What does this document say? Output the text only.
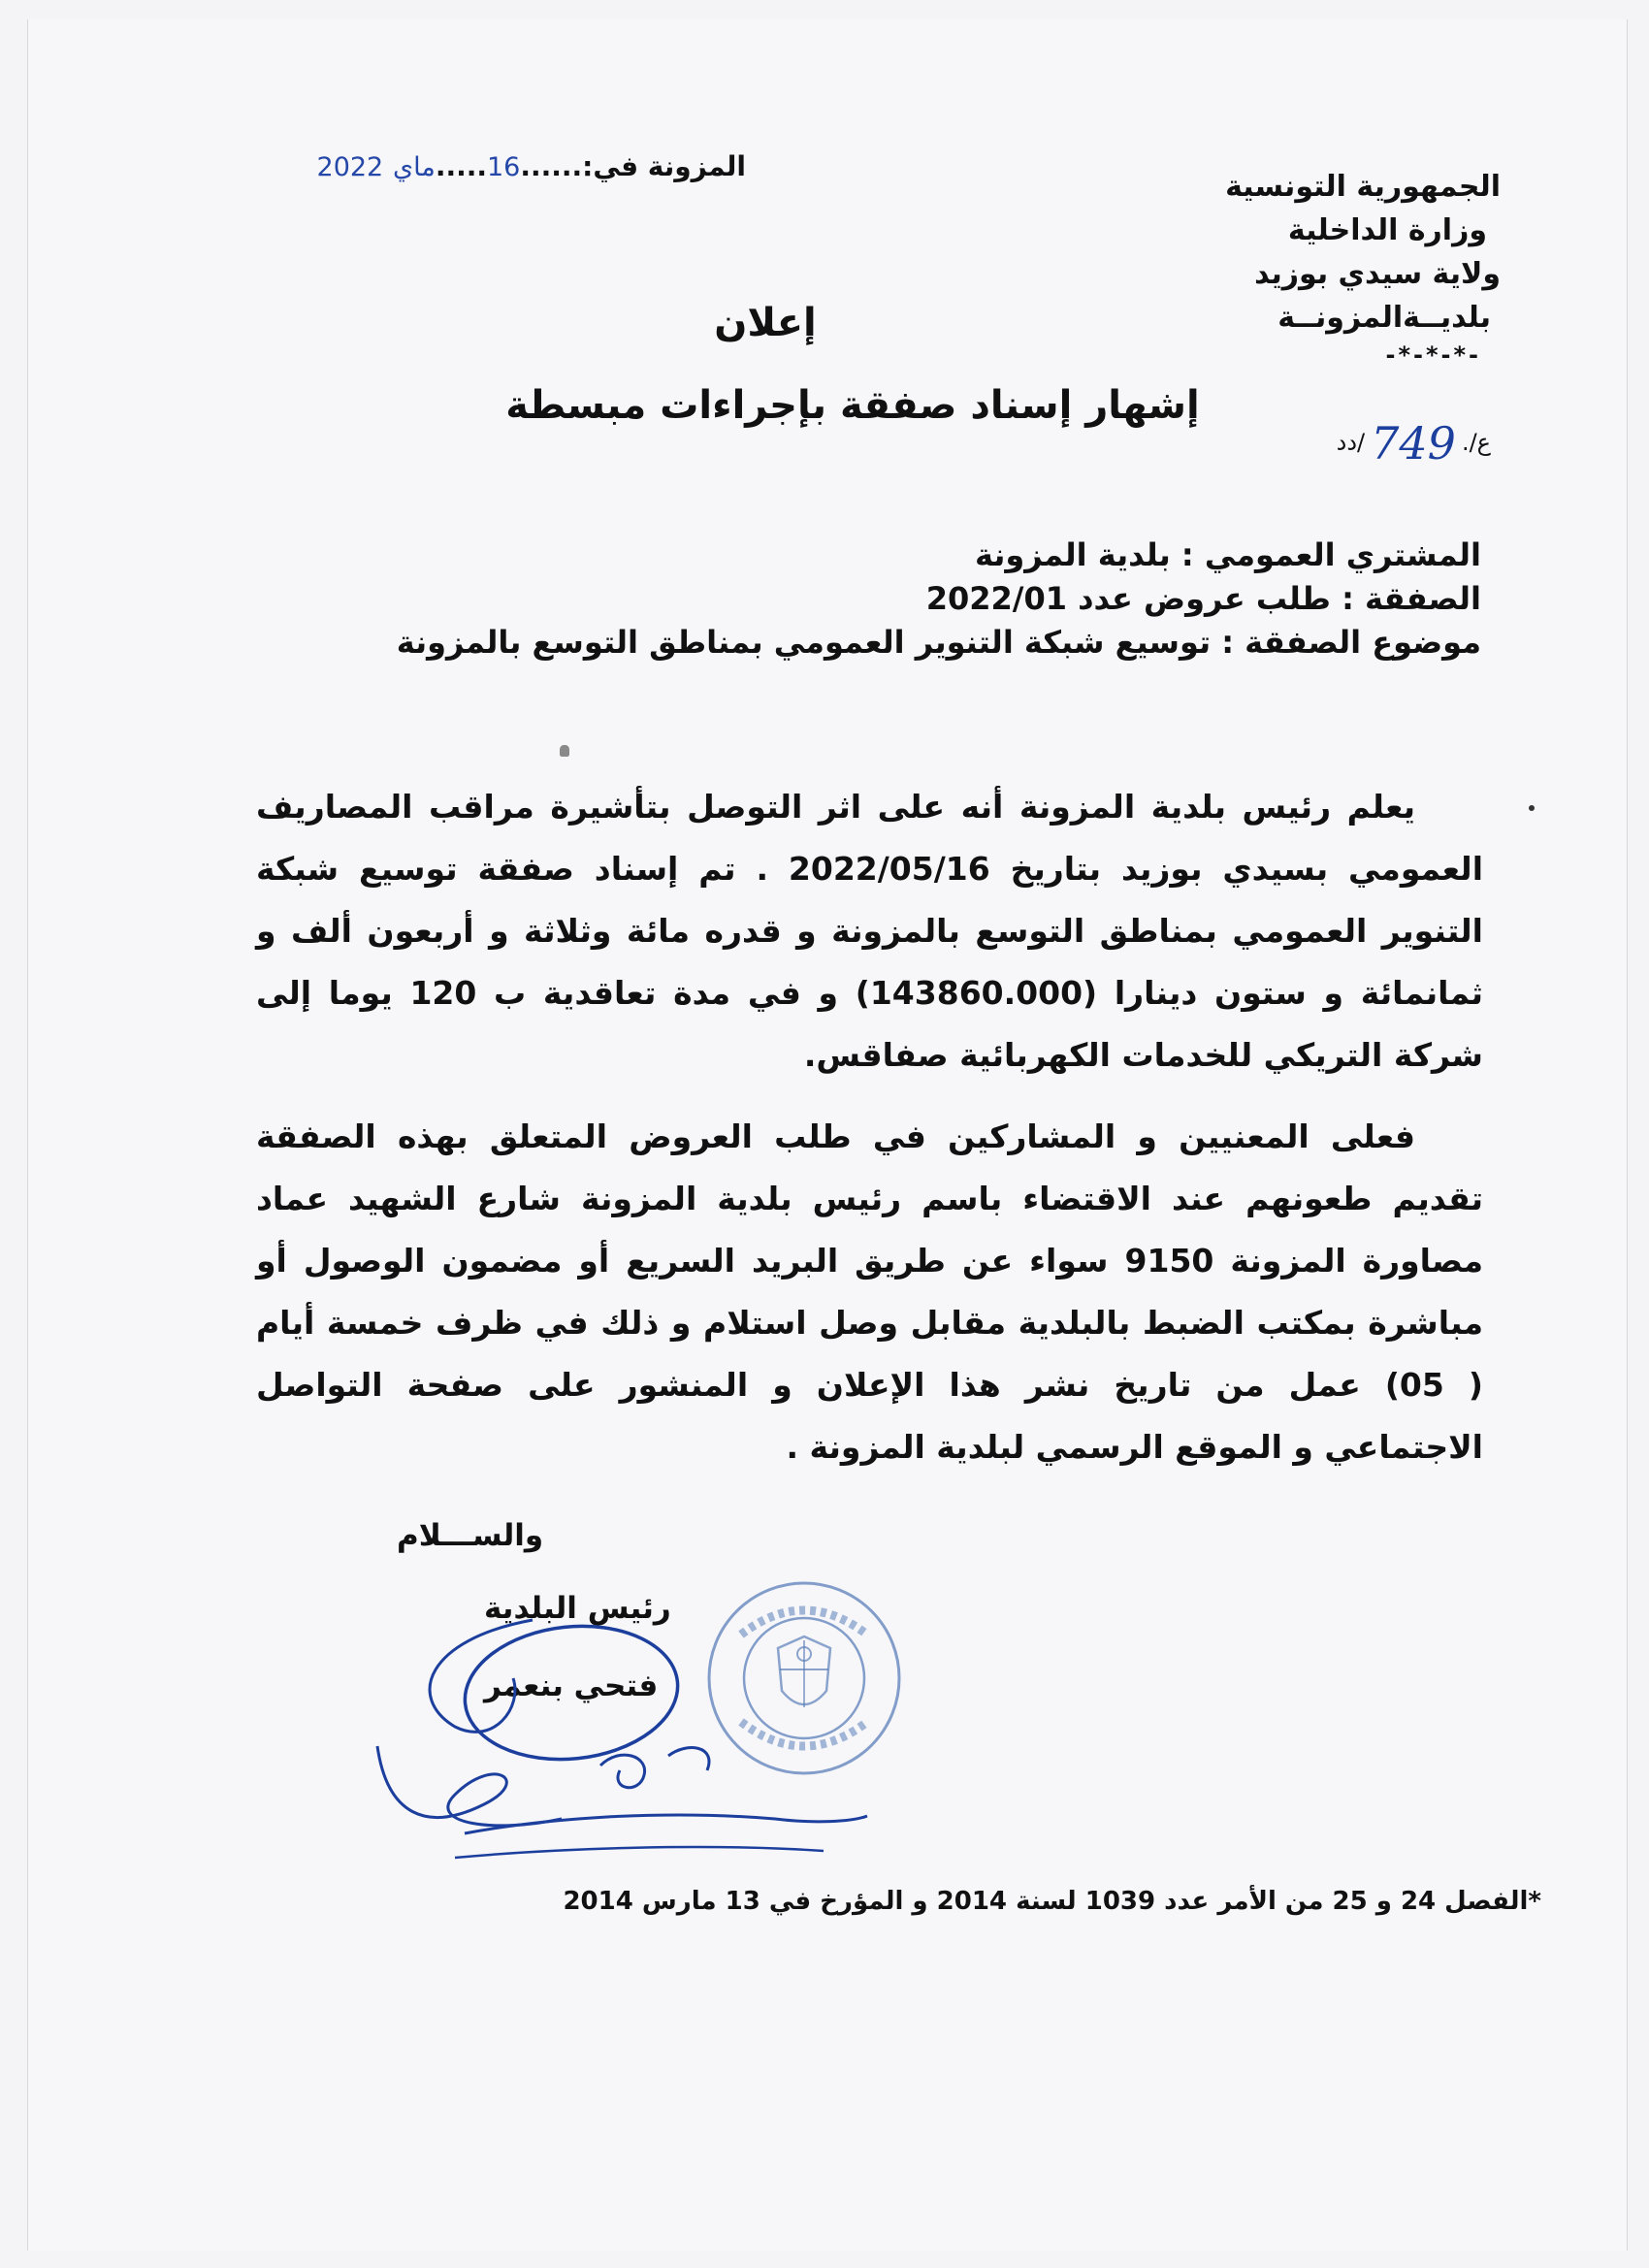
الجمهورية التونسية
وزارة الداخلية
ولاية سيدي بوزيد
بلديــةالمزونــة
-*-*-*-
المزونة في:......16.....ماي 2022
ع/.749/دد
إعلان
إشهار إسناد صفقة بإجراءات مبسطة
المشتري العمومي : بلدية المزونة
الصفقة : طلب عروض عدد 2022/01
موضوع الصفقة : توسيع شبكة التنوير العمومي بمناطق التوسع بالمزونة

يعلم رئيس بلدية المزونة أنه على اثر التوصل بتأشيرة مراقب المصاريف العمومي بسيدي بوزيد بتاريخ 2022/05/16 . تم إسناد صفقة توسيع شبكة التنوير العمومي بمناطق التوسع بالمزونة و قدره مائة وثلاثة و أربعون ألف و ثمانمائة و ستون دينارا (143860.000) و في مدة تعاقدية ب 120 يوما إلى شركة التريكي للخدمات الكهربائية صفاقس.

فعلى المعنيين و المشاركين في طلب العروض المتعلق بهذه الصفقة تقديم طعونهم عند الاقتضاء باسم رئيس بلدية المزونة شارع الشهيد عماد مصاورة المزونة 9150 سواء عن طريق البريد السريع أو مضمون الوصول أو مباشرة بمكتب الضبط بالبلدية مقابل وصل استلام و ذلك في ظرف خمسة أيام ( 05) عمل من تاريخ نشر هذا الإعلان و المنشور على صفحة التواصل الاجتماعي و الموقع الرسمي لبلدية المزونة .

والســـلام
رئيس البلدية
فتحي بنعمر
*الفصل 24 و 25 من الأمر عدد 1039 لسنة 2014 و المؤرخ في 13 مارس 2014
